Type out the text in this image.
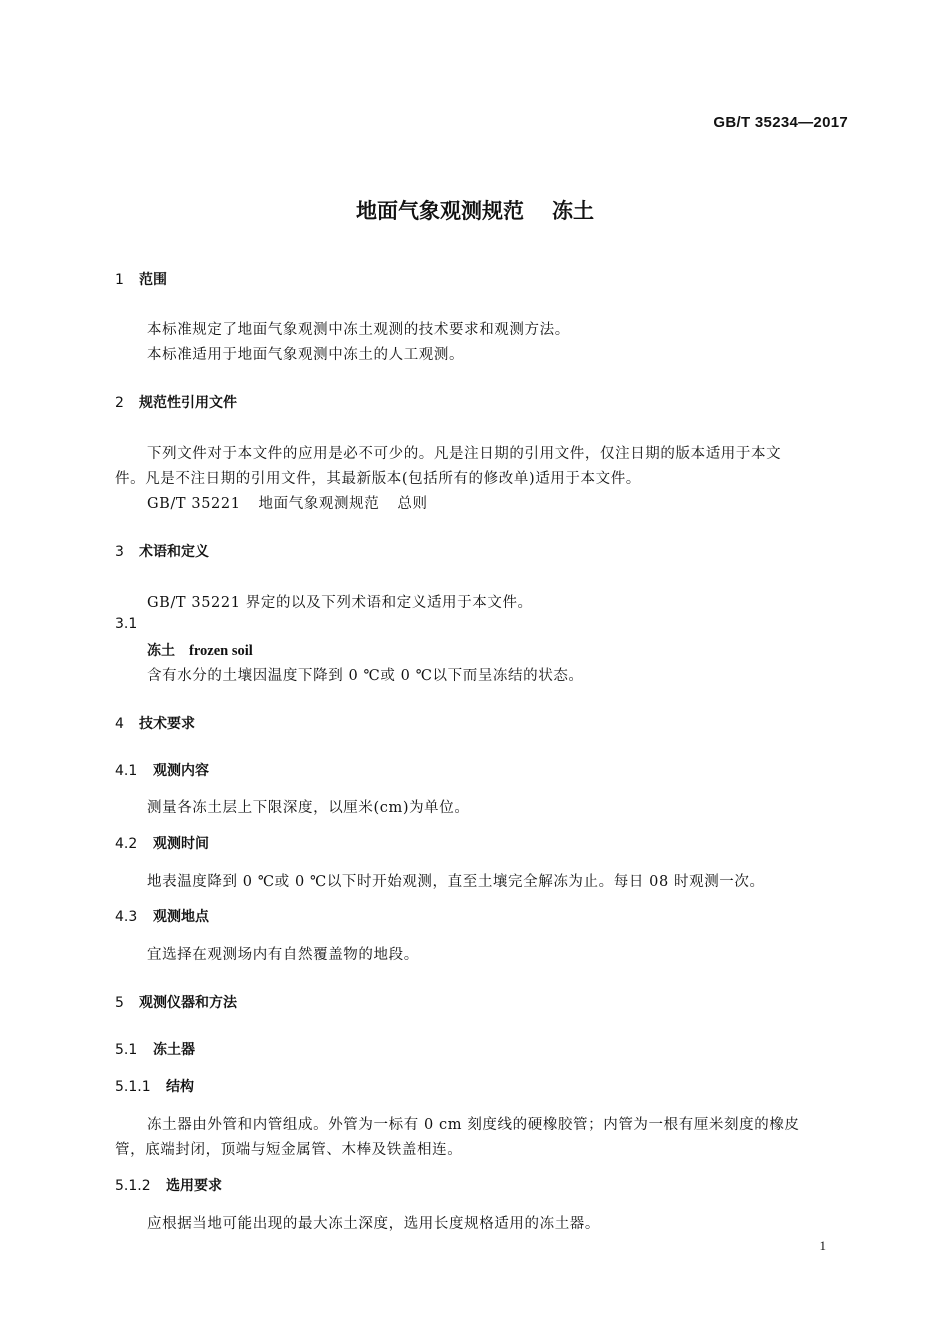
GB/T 35234—2017
地面气象观测规范 冻土
1 范围
本标准规定了地面气象观测中冻土观测的技术要求和观测方法。
本标准适用于地面气象观测中冻土的人工观测。
2 规范性引用文件
下列文件对于本文件的应用是必不可少的。凡是注日期的引用文件，仅注日期的版本适用于本文
件。凡是不注日期的引用文件，其最新版本(包括所有的修改单)适用于本文件。
GB/T 35221 地面气象观测规范 总则
3 术语和定义
GB/T 35221 界定的以及下列术语和定义适用于本文件。
3.1
冻土 frozen soil
含有水分的土壤因温度下降到 0 ℃或 0 ℃以下而呈冻结的状态。
4 技术要求
4.1 观测内容
测量各冻土层上下限深度，以厘米(cm)为单位。
4.2 观测时间
地表温度降到 0 ℃或 0 ℃以下时开始观测，直至土壤完全解冻为止。每日 08 时观测一次。
4.3 观测地点
宜选择在观测场内有自然覆盖物的地段。
5 观测仪器和方法
5.1 冻土器
5.1.1 结构
冻土器由外管和内管组成。外管为一标有 0 cm 刻度线的硬橡胶管；内管为一根有厘米刻度的橡皮
管，底端封闭，顶端与短金属管、木棒及铁盖相连。
5.1.2 选用要求
应根据当地可能出现的最大冻土深度，选用长度规格适用的冻土器。
1
